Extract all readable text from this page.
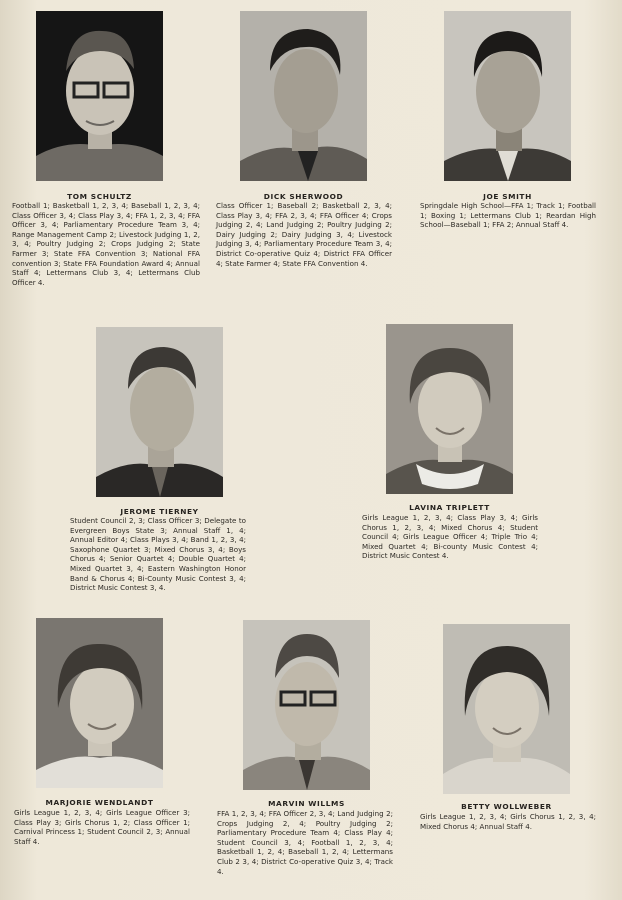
TOM SCHULTZ
Football 1; Basketball 1, 2, 3, 4; Baseball 1, 2, 3, 4; Class Officer 3, 4; Class Play 3, 4; FFA 1, 2, 3, 4; FFA Officer 3, 4; Parliamentary Procedure Team 3, 4; Range Management Camp 2; Livestock Judging 1, 2, 3, 4; Poultry Judging 2; Crops Judging 2; State Farmer 3; State FFA Convention 3; National FFA convention 3; State FFA Foundation Award 4; Annual Staff 4; Lettermans Club 3, 4; Lettermans Club Officer 4.
DICK SHERWOOD
Class Officer 1; Baseball 2; Basketball 2, 3, 4; Class Play 3, 4; FFA 2, 3, 4; FFA Officer 4; Crops Judging 2, 4; Land Judging 2; Poultry Judging 2; Dairy Judging 2; Dairy Judging 3, 4; Livestock Judging 3, 4; Parliamentary Procedure Team 3, 4; District Co-operative Quiz 4; District FFA Officer 4; State Farmer 4; State FFA Convention 4.
JOE SMITH
Springdale High School—FFA 1; Track 1; Football 1; Boxing 1; Lettermans Club 1; Reardan High School—Baseball 1; FFA 2; Annual Staff 4.
JEROME TIERNEY
Student Council 2, 3; Class Officer 3; Delegate to Evergreen Boys State 3; Annual Staff 1, 4; Annual Editor 4; Class Plays 3, 4; Band 1, 2, 3, 4; Saxophone Quartet 3; Mixed Chorus 3, 4; Boys Chorus 4; Senior Quartet 4; Double Quartet 4; Mixed Quartet 3, 4; Eastern Washington Honor Band & Chorus 4; Bi-County Music Contest 3, 4; District Music Contest 3, 4.
LAVINA TRIPLETT
Girls League 1, 2, 3, 4; Class Play 3, 4; Girls Chorus 1, 2, 3, 4; Mixed Chorus 4; Student Council 4; Girls League Officer 4; Triple Trio 4; Mixed Quartet 4; Bi-county Music Contest 4; District Music Contest 4.
MARJORIE WENDLANDT
Girls League 1, 2, 3, 4; Girls League Officer 3; Class Play 3; Girls Chorus 1, 2; Class Officer 1; Carnival Princess 1; Student Council 2, 3; Annual Staff 4.
MARVIN WILLMS
FFA 1, 2, 3, 4; FFA Officer 2, 3, 4; Land Judging 2; Crops Judging 2, 4; Poultry Judging 2; Parliamentary Procedure Team 4; Class Play 4; Student Council 3, 4; Football 1, 2, 3, 4; Basketball 1, 2, 4; Baseball 1, 2, 4; Lettermans Club 2 3, 4; District Co-operative Quiz 3, 4; Track 4.
BETTY WOLLWEBER
Girls League 1, 2, 3, 4; Girls Chorus 1, 2, 3, 4; Mixed Chorus 4; Annual Staff 4.
